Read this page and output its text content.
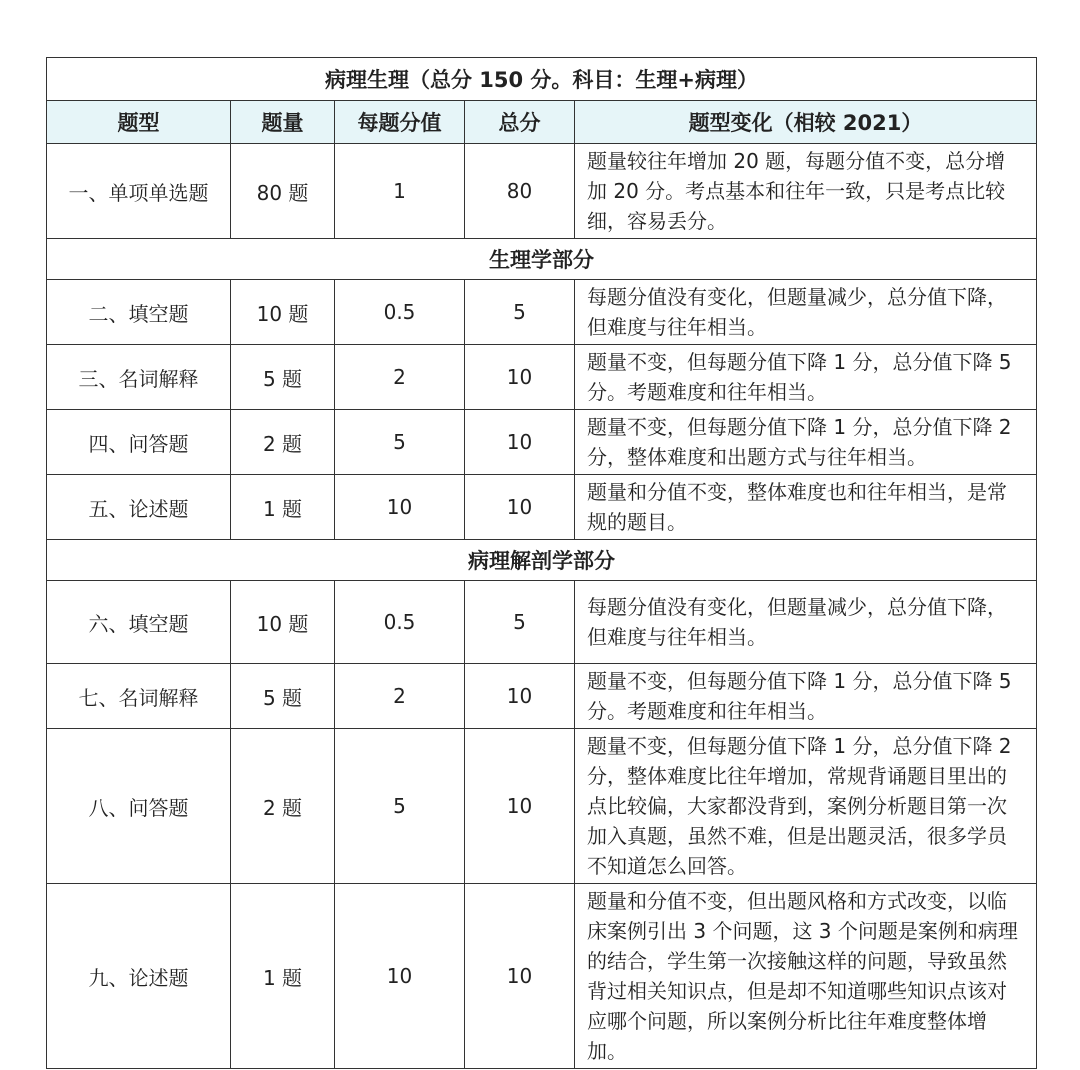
病理生理（总分 150 分。科目：生理+病理）				
题型	题量	每题分值	总分	题型变化（相较 2021）
一、单项单选题	80 题	1	80	题量较往年增加 20 题，每题分值不变，总分增加 20 分。考点基本和往年一致，只是考点比较细，容易丢分。
生理学部分				
二、填空题	10 题	0.5	5	每题分值没有变化，但题量减少，总分值下降，但难度与往年相当。
三、名词解释	5 题	2	10	题量不变，但每题分值下降 1 分，总分值下降 5 分。考题难度和往年相当。
四、问答题	2 题	5	10	题量不变，但每题分值下降 1 分，总分值下降 2 分，整体难度和出题方式与往年相当。
五、论述题	1 题	10	10	题量和分值不变，整体难度也和往年相当，是常规的题目。
病理解剖学部分				
六、填空题	10 题	0.5	5	每题分值没有变化，但题量减少，总分值下降，但难度与往年相当。
七、名词解释	5 题	2	10	题量不变，但每题分值下降 1 分，总分值下降 5 分。考题难度和往年相当。
八、问答题	2 题	5	10	题量不变，但每题分值下降 1 分，总分值下降 2 分，整体难度比往年增加，常规背诵题目里出的点比较偏，大家都没背到，案例分析题目第一次加入真题，虽然不难，但是出题灵活，很多学员不知道怎么回答。
九、论述题	1 题	10	10	题量和分值不变，但出题风格和方式改变，以临床案例引出 3 个问题，这 3 个问题是案例和病理的结合，学生第一次接触这样的问题，导致虽然背过相关知识点，但是却不知道哪些知识点该对应哪个问题，所以案例分析比往年难度整体增加。
